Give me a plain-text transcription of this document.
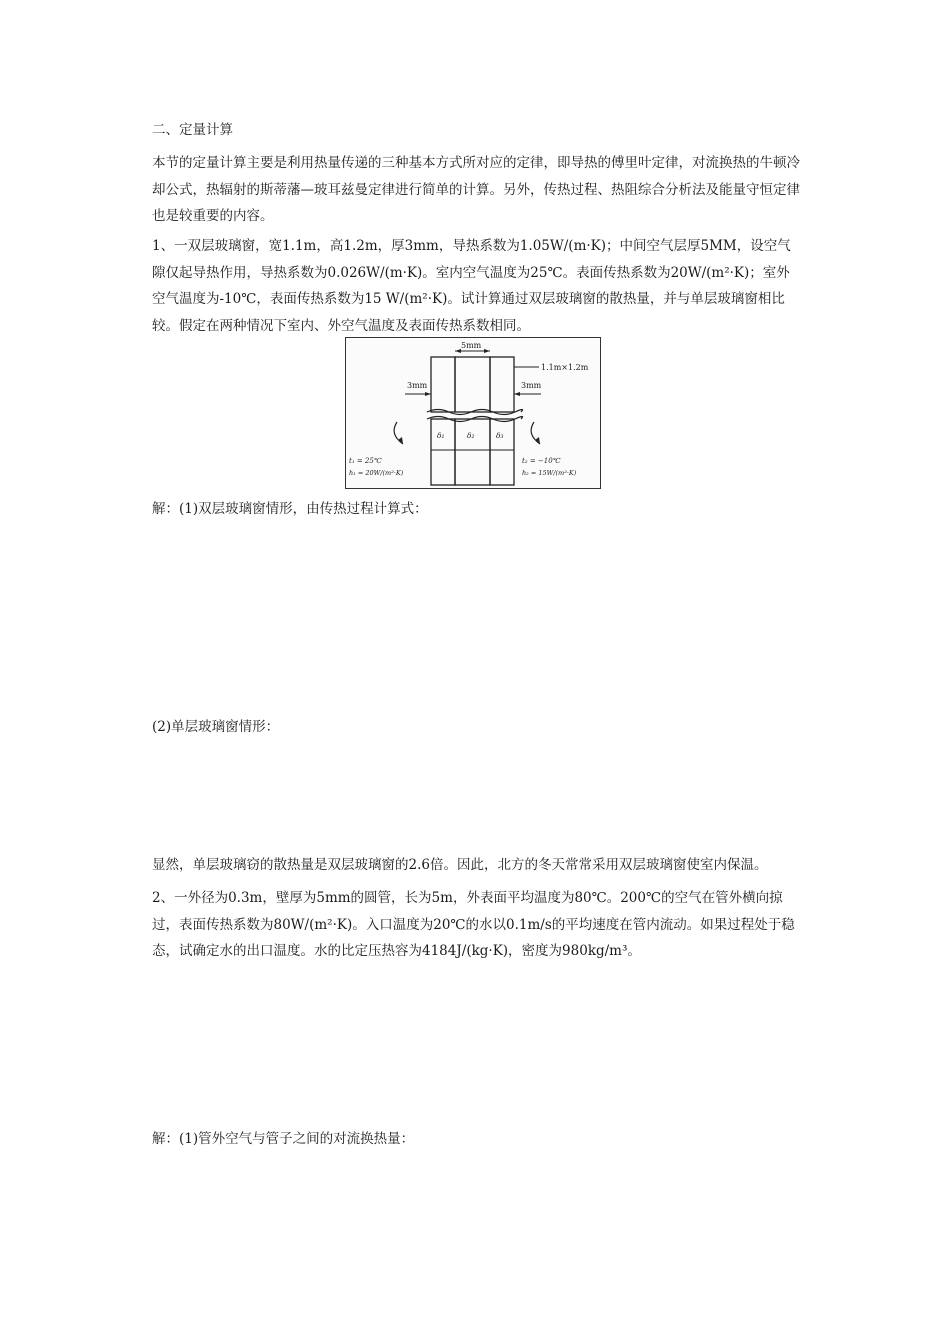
二、定量计算

本节的定量计算主要是利用热量传递的三种基本方式所对应的定律，即导热的傅里叶定律，对流换热的牛顿冷却公式，热辐射的斯蒂藩—玻耳兹曼定律进行简单的计算。另外，传热过程、热阻综合分析法及能量守恒定律也是较重要的内容。

1、一双层玻璃窗，宽1.1m，高1.2m，厚3mm，导热系数为1.05W/(m·K)；中间空气层厚5MM，设空气隙仅起导热作用，导热系数为0.026W/(m·K)。室内空气温度为25℃。表面传热系数为20W/(m²·K)；室外空气温度为-10℃，表面传热系数为15 W/(m²·K)。试计算通过双层玻璃窗的散热量，并与单层玻璃窗相比较。假定在两种情况下室内、外空气温度及表面传热系数相同。

5mm
1.1m×1.2m
3mm	3mm
δ₁	δ₂	δ₃
t₁ = 25℃
h₁ = 20W/(m²·K)
t₂ = −10℃
h₂ = 15W/(m²·K)

解：(1)双层玻璃窗情形，由传热过程计算式：

(2)单层玻璃窗情形：

显然，单层玻璃窃的散热量是双层玻璃窗的2.6倍。因此，北方的冬天常常采用双层玻璃窗使室内保温。

2、一外径为0.3m，壁厚为5mm的圆管，长为5m，外表面平均温度为80℃。200℃的空气在管外横向掠过，表面传热系数为80W/(m²·K)。入口温度为20℃的水以0.1m/s的平均速度在管内流动。如果过程处于稳态，试确定水的出口温度。水的比定压热容为4184J/(kg·K)，密度为980kg/m³。

解：(1)管外空气与管子之间的对流换热量：
